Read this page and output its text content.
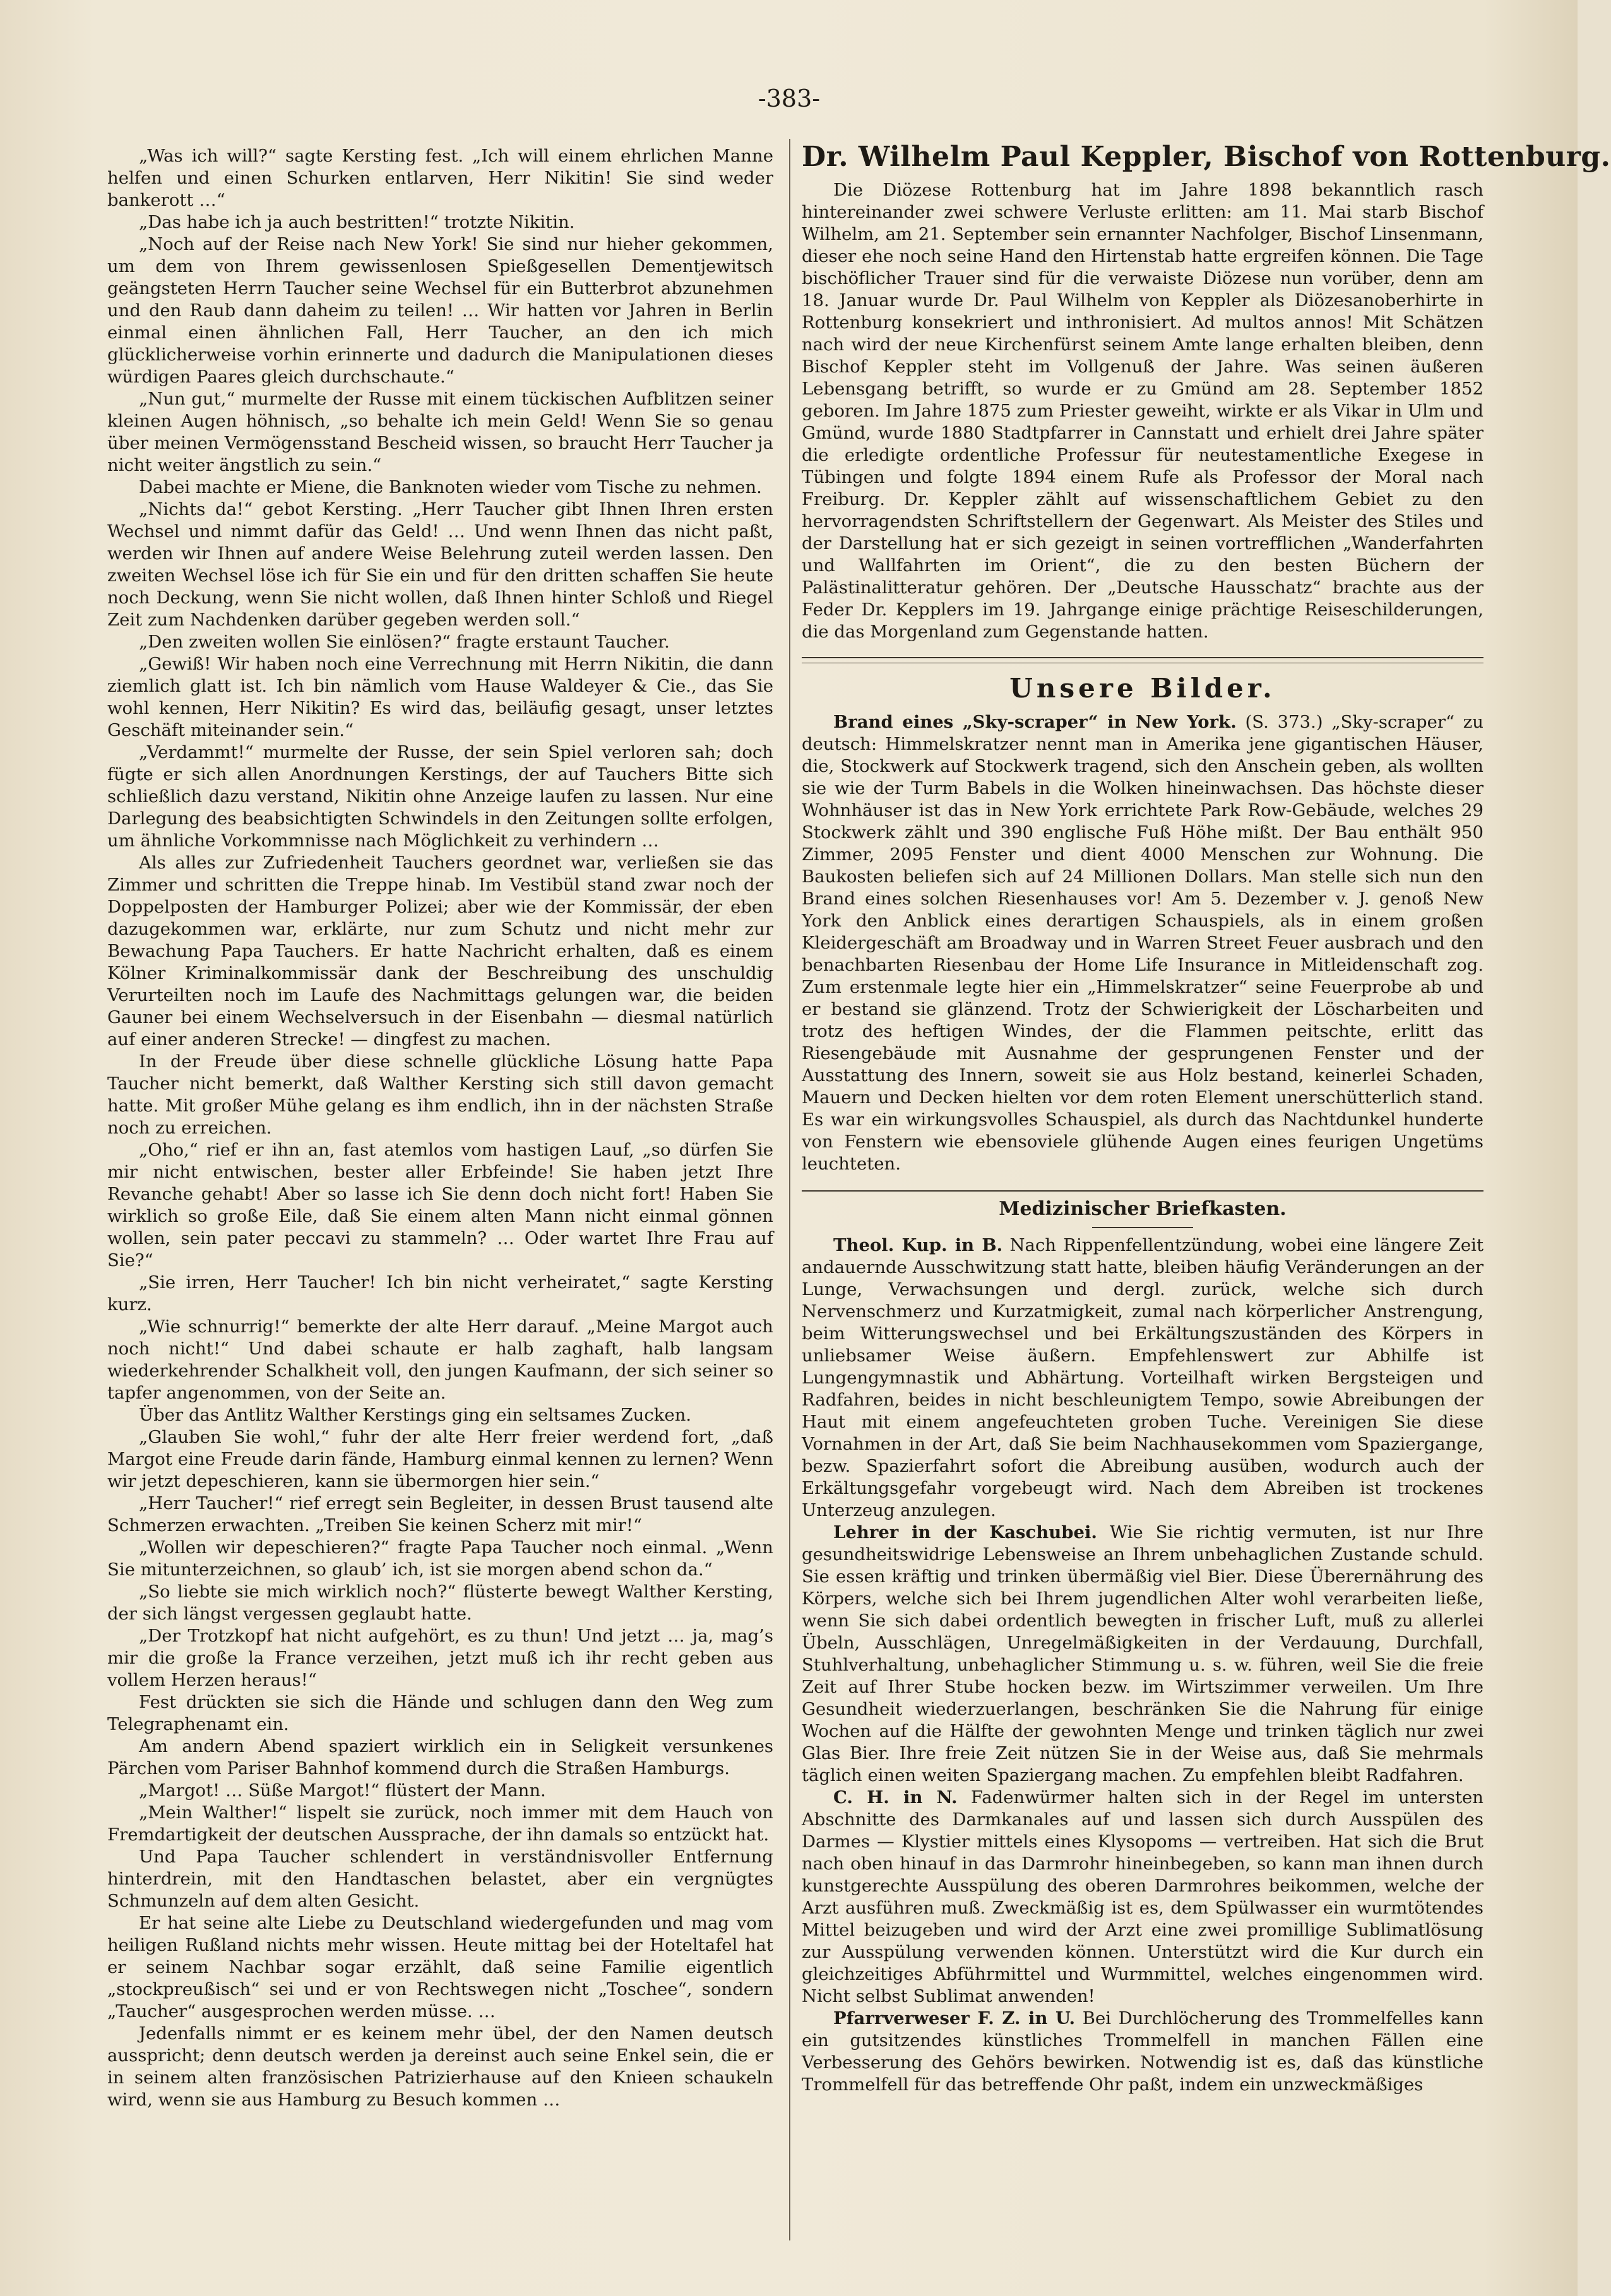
-383-

„Was ich will?“ sagte Kersting fest. „Ich will einem ehrlichen Manne helfen und einen Schurken entlarven, Herr Nikitin! Sie sind weder bankerott …“

„Das habe ich ja auch bestritten!“ trotzte Nikitin.

„Noch auf der Reise nach New York! Sie sind nur hieher gekommen, um dem von Ihrem gewissenlosen Spießgesellen Dementjewitsch geängsteten Herrn Taucher seine Wechsel für ein Butterbrot abzunehmen und den Raub dann daheim zu teilen! … Wir hatten vor Jahren in Berlin einmal einen ähnlichen Fall, Herr Taucher, an den ich mich glücklicherweise vorhin erinnerte und dadurch die Manipulationen dieses würdigen Paares gleich durchschaute.“

„Nun gut,“ murmelte der Russe mit einem tückischen Aufblitzen seiner kleinen Augen höhnisch, „so behalte ich mein Geld! Wenn Sie so genau über meinen Vermögensstand Bescheid wissen, so braucht Herr Taucher ja nicht weiter ängstlich zu sein.“

Dabei machte er Miene, die Banknoten wieder vom Tische zu nehmen.

„Nichts da!“ gebot Kersting. „Herr Taucher gibt Ihnen Ihren ersten Wechsel und nimmt dafür das Geld! … Und wenn Ihnen das nicht paßt, werden wir Ihnen auf andere Weise Belehrung zuteil werden lassen. Den zweiten Wechsel löse ich für Sie ein und für den dritten schaffen Sie heute noch Deckung, wenn Sie nicht wollen, daß Ihnen hinter Schloß und Riegel Zeit zum Nachdenken darüber gegeben werden soll.“

„Den zweiten wollen Sie einlösen?“ fragte erstaunt Taucher.

„Gewiß! Wir haben noch eine Verrechnung mit Herrn Nikitin, die dann ziemlich glatt ist. Ich bin nämlich vom Hause Waldeyer & Cie., das Sie wohl kennen, Herr Nikitin? Es wird das, beiläufig gesagt, unser letztes Geschäft miteinander sein.“

„Verdammt!“ murmelte der Russe, der sein Spiel verloren sah; doch fügte er sich allen Anordnungen Kerstings, der auf Tauchers Bitte sich schließlich dazu verstand, Nikitin ohne Anzeige laufen zu lassen. Nur eine Darlegung des beabsichtigten Schwindels in den Zeitungen sollte erfolgen, um ähnliche Vorkommnisse nach Möglichkeit zu verhindern …

Als alles zur Zufriedenheit Tauchers geordnet war, verließen sie das Zimmer und schritten die Treppe hinab. Im Vestibül stand zwar noch der Doppelposten der Hamburger Polizei; aber wie der Kommissär, der eben dazugekommen war, erklärte, nur zum Schutz und nicht mehr zur Bewachung Papa Tauchers. Er hatte Nachricht erhalten, daß es einem Kölner Kriminalkommissär dank der Beschreibung des unschuldig Verurteilten noch im Laufe des Nachmittags gelungen war, die beiden Gauner bei einem Wechselversuch in der Eisenbahn — diesmal natürlich auf einer anderen Strecke! — dingfest zu machen.

In der Freude über diese schnelle glückliche Lösung hatte Papa Taucher nicht bemerkt, daß Walther Kersting sich still davon gemacht hatte. Mit großer Mühe gelang es ihm endlich, ihn in der nächsten Straße noch zu erreichen.

„Oho,“ rief er ihn an, fast atemlos vom hastigen Lauf, „so dürfen Sie mir nicht entwischen, bester aller Erbfeinde! Sie haben jetzt Ihre Revanche gehabt! Aber so lasse ich Sie denn doch nicht fort! Haben Sie wirklich so große Eile, daß Sie einem alten Mann nicht einmal gönnen wollen, sein pater peccavi zu stammeln? … Oder wartet Ihre Frau auf Sie?“

„Sie irren, Herr Taucher! Ich bin nicht verheiratet,“ sagte Kersting kurz.

„Wie schnurrig!“ bemerkte der alte Herr darauf. „Meine Margot auch noch nicht!“ Und dabei schaute er halb zaghaft, halb langsam wiederkehrender Schalkheit voll, den jungen Kaufmann, der sich seiner so tapfer angenommen, von der Seite an.

Über das Antlitz Walther Kerstings ging ein seltsames Zucken.

„Glauben Sie wohl,“ fuhr der alte Herr freier werdend fort, „daß Margot eine Freude darin fände, Hamburg einmal kennen zu lernen? Wenn wir jetzt depeschieren, kann sie übermorgen hier sein.“

„Herr Taucher!“ rief erregt sein Begleiter, in dessen Brust tausend alte Schmerzen erwachten. „Treiben Sie keinen Scherz mit mir!“

„Wollen wir depeschieren?“ fragte Papa Taucher noch einmal. „Wenn Sie mitunterzeichnen, so glaub’ ich, ist sie morgen abend schon da.“

„So liebte sie mich wirklich noch?“ flüsterte bewegt Walther Kersting, der sich längst vergessen geglaubt hatte.

„Der Trotzkopf hat nicht aufgehört, es zu thun! Und jetzt … ja, mag’s mir die große la France verzeihen, jetzt muß ich ihr recht geben aus vollem Herzen heraus!“

Fest drückten sie sich die Hände und schlugen dann den Weg zum Telegraphenamt ein.

Am andern Abend spaziert wirklich ein in Seligkeit versunkenes Pärchen vom Pariser Bahnhof kommend durch die Straßen Hamburgs.

„Margot! … Süße Margot!“ flüstert der Mann.

„Mein Walther!“ lispelt sie zurück, noch immer mit dem Hauch von Fremdartigkeit der deutschen Aussprache, der ihn damals so entzückt hat.

Und Papa Taucher schlendert in verständnisvoller Entfernung hinterdrein, mit den Handtaschen belastet, aber ein vergnügtes Schmunzeln auf dem alten Gesicht.

Er hat seine alte Liebe zu Deutschland wiedergefunden und mag vom heiligen Rußland nichts mehr wissen. Heute mittag bei der Hoteltafel hat er seinem Nachbar sogar erzählt, daß seine Familie eigentlich „stockpreußisch“ sei und er von Rechtswegen nicht „Toschee“, sondern „Taucher“ ausgesprochen werden müsse. …

Jedenfalls nimmt er es keinem mehr übel, der den Namen deutsch ausspricht; denn deutsch werden ja dereinst auch seine Enkel sein, die er in seinem alten französischen Patrizierhause auf den Knieen schaukeln wird, wenn sie aus Hamburg zu Besuch kommen …

Dr. Wilhelm Paul Keppler, Bischof von Rottenburg.

Die Diözese Rottenburg hat im Jahre 1898 bekanntlich rasch hintereinander zwei schwere Verluste erlitten: am 11. Mai starb Bischof Wilhelm, am 21. September sein ernannter Nachfolger, Bischof Linsenmann, dieser ehe noch seine Hand den Hirtenstab hatte ergreifen können. Die Tage bischöflicher Trauer sind für die verwaiste Diözese nun vorüber, denn am 18. Januar wurde Dr. Paul Wilhelm von Keppler als Diözesanoberhirte in Rottenburg konsekriert und inthronisiert. Ad multos annos! Mit Schätzen nach wird der neue Kirchenfürst seinem Amte lange erhalten bleiben, denn Bischof Keppler steht im Vollgenuß der Jahre. Was seinen äußeren Lebensgang betrifft, so wurde er zu Gmünd am 28. September 1852 geboren. Im Jahre 1875 zum Priester geweiht, wirkte er als Vikar in Ulm und Gmünd, wurde 1880 Stadtpfarrer in Cannstatt und erhielt drei Jahre später die erledigte ordentliche Professur für neutestamentliche Exegese in Tübingen und folgte 1894 einem Rufe als Professor der Moral nach Freiburg. Dr. Keppler zählt auf wissenschaftlichem Gebiet zu den hervorragendsten Schriftstellern der Gegenwart. Als Meister des Stiles und der Darstellung hat er sich gezeigt in seinen vortrefflichen „Wanderfahrten und Wallfahrten im Orient“, die zu den besten Büchern der Palästinalitteratur gehören. Der „Deutsche Hausschatz“ brachte aus der Feder Dr. Kepplers im 19. Jahrgange einige prächtige Reiseschilderungen, die das Morgenland zum Gegenstande hatten.

Unsere Bilder.

Brand eines „Sky-scraper“ in New York. (S. 373.) „Sky-scraper“ zu deutsch: Himmelskratzer nennt man in Amerika jene gigantischen Häuser, die, Stockwerk auf Stockwerk tragend, sich den Anschein geben, als wollten sie wie der Turm Babels in die Wolken hineinwachsen. Das höchste dieser Wohnhäuser ist das in New York errichtete Park Row-Gebäude, welches 29 Stockwerk zählt und 390 englische Fuß Höhe mißt. Der Bau enthält 950 Zimmer, 2095 Fenster und dient 4000 Menschen zur Wohnung. Die Baukosten beliefen sich auf 24 Millionen Dollars. Man stelle sich nun den Brand eines solchen Riesenhauses vor! Am 5. Dezember v. J. genoß New York den Anblick eines derartigen Schauspiels, als in einem großen Kleidergeschäft am Broadway und in Warren Street Feuer ausbrach und den benachbarten Riesenbau der Home Life Insurance in Mitleidenschaft zog. Zum erstenmale legte hier ein „Himmelskratzer“ seine Feuerprobe ab und er bestand sie glänzend. Trotz der Schwierigkeit der Löscharbeiten und trotz des heftigen Windes, der die Flammen peitschte, erlitt das Riesengebäude mit Ausnahme der gesprungenen Fenster und der Ausstattung des Innern, soweit sie aus Holz bestand, keinerlei Schaden, Mauern und Decken hielten vor dem roten Element unerschütterlich stand. Es war ein wirkungsvolles Schauspiel, als durch das Nachtdunkel hunderte von Fenstern wie ebensoviele glühende Augen eines feurigen Ungetüms leuchteten.

Medizinischer Briefkasten.

Theol. Kup. in B. Nach Rippenfellentzündung, wobei eine längere Zeit andauernde Ausschwitzung statt hatte, bleiben häufig Veränderungen an der Lunge, Verwachsungen und dergl. zurück, welche sich durch Nervenschmerz und Kurzatmigkeit, zumal nach körperlicher Anstrengung, beim Witterungswechsel und bei Erkältungszuständen des Körpers in unliebsamer Weise äußern. Empfehlenswert zur Abhilfe ist Lungengymnastik und Abhärtung. Vorteilhaft wirken Bergsteigen und Radfahren, beides in nicht beschleunigtem Tempo, sowie Abreibungen der Haut mit einem angefeuchteten groben Tuche. Vereinigen Sie diese Vornahmen in der Art, daß Sie beim Nachhausekommen vom Spaziergange, bezw. Spazierfahrt sofort die Abreibung ausüben, wodurch auch der Erkältungsgefahr vorgebeugt wird. Nach dem Abreiben ist trockenes Unterzeug anzulegen.

Lehrer in der Kaschubei. Wie Sie richtig vermuten, ist nur Ihre gesundheitswidrige Lebensweise an Ihrem unbehaglichen Zustande schuld. Sie essen kräftig und trinken übermäßig viel Bier. Diese Überernährung des Körpers, welche sich bei Ihrem jugendlichen Alter wohl verarbeiten ließe, wenn Sie sich dabei ordentlich bewegten in frischer Luft, muß zu allerlei Übeln, Ausschlägen, Unregelmäßigkeiten in der Verdauung, Durchfall, Stuhlverhaltung, unbehaglicher Stimmung u. s. w. führen, weil Sie die freie Zeit auf Ihrer Stube hocken bezw. im Wirtszimmer verweilen. Um Ihre Gesundheit wiederzuerlangen, beschränken Sie die Nahrung für einige Wochen auf die Hälfte der gewohnten Menge und trinken täglich nur zwei Glas Bier. Ihre freie Zeit nützen Sie in der Weise aus, daß Sie mehrmals täglich einen weiten Spaziergang machen. Zu empfehlen bleibt Radfahren.

C. H. in N. Fadenwürmer halten sich in der Regel im untersten Abschnitte des Darmkanales auf und lassen sich durch Ausspülen des Darmes — Klystier mittels eines Klysopoms — vertreiben. Hat sich die Brut nach oben hinauf in das Darmrohr hineinbegeben, so kann man ihnen durch kunstgerechte Ausspülung des oberen Darmrohres beikommen, welche der Arzt ausführen muß. Zweckmäßig ist es, dem Spülwasser ein wurmtötendes Mittel beizugeben und wird der Arzt eine zwei promillige Sublimatlösung zur Ausspülung verwenden können. Unterstützt wird die Kur durch ein gleichzeitiges Abführmittel und Wurmmittel, welches eingenommen wird. Nicht selbst Sublimat anwenden!

Pfarrverweser F. Z. in U. Bei Durchlöcherung des Trommelfelles kann ein gutsitzendes künstliches Trommelfell in manchen Fällen eine Verbesserung des Gehörs bewirken. Notwendig ist es, daß das künstliche Trommelfell für das betreffende Ohr paßt, indem ein unzweckmäßiges
